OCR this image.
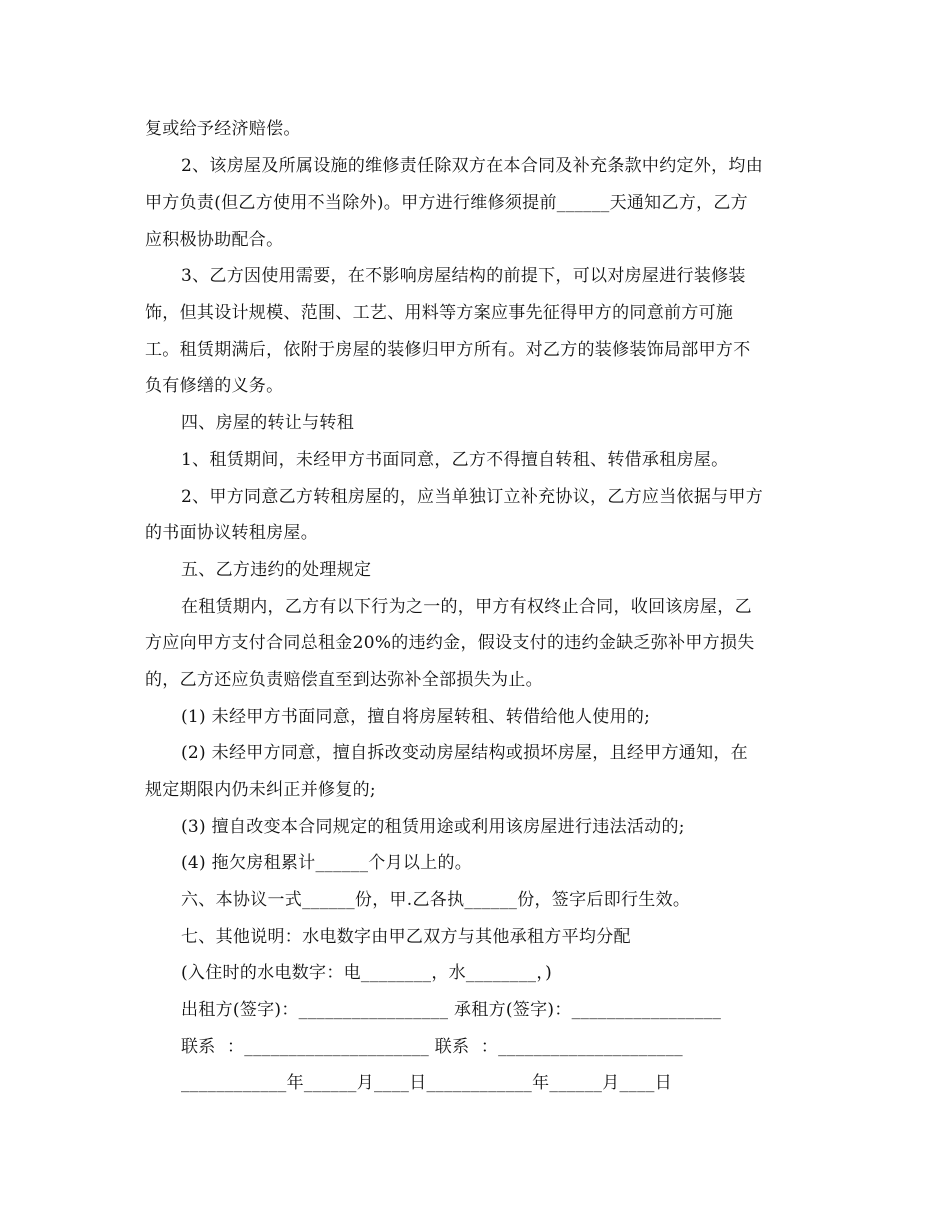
复或给予经济赔偿。

2、该房屋及所属设施的维修责任除双方在本合同及补充条款中约定外，均由

甲方负责(但乙方使用不当除外)。甲方进行维修须提前______天通知乙方，乙方

应积极协助配合。

3、乙方因使用需要，在不影响房屋结构的前提下，可以对房屋进行装修装

饰，但其设计规模、范围、工艺、用料等方案应事先征得甲方的同意前方可施

工。租赁期满后，依附于房屋的装修归甲方所有。对乙方的装修装饰局部甲方不

负有修缮的义务。

四、房屋的转让与转租

1、租赁期间，未经甲方书面同意，乙方不得擅自转租、转借承租房屋。

2、甲方同意乙方转租房屋的，应当单独订立补充协议，乙方应当依据与甲方

的书面协议转租房屋。

五、乙方违约的处理规定

在租赁期内，乙方有以下行为之一的，甲方有权终止合同，收回该房屋，乙

方应向甲方支付合同总租金20%的违约金，假设支付的违约金缺乏弥补甲方损失

的，乙方还应负责赔偿直至到达弥补全部损失为止。

(1) 未经甲方书面同意，擅自将房屋转租、转借给他人使用的;

(2) 未经甲方同意，擅自拆改变动房屋结构或损坏房屋，且经甲方通知，在

规定期限内仍未纠正并修复的;

(3) 擅自改变本合同规定的租赁用途或利用该房屋进行违法活动的;

(4) 拖欠房租累计______个月以上的。

六、本协议一式______份，甲.乙各执______份，签字后即行生效。

七、其他说明：水电数字由甲乙双方与其他承租方平均分配

(入住时的水电数字：电________，水________，)

出租方(签字)：_________________ 承租方(签字)：_________________

联系  ：_____________________ 联系  ：_____________________

____________年______月____日____________年______月____日
